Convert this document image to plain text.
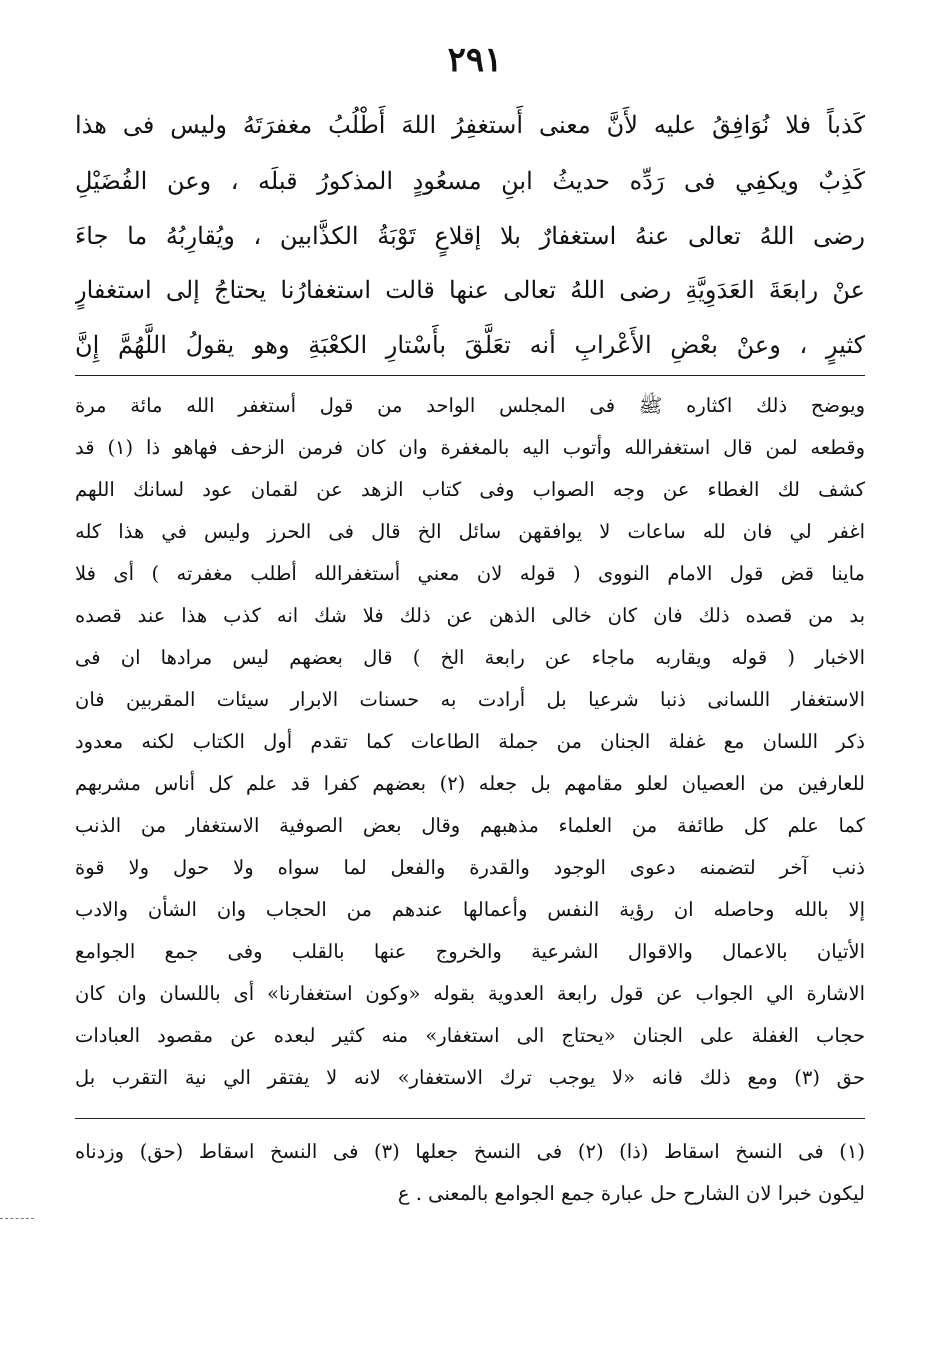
٢٩١
كَذباً فلا نُوَافِقُ عليه لأَنَّ معنى أَستغفِرُ اللهَ أَطْلُبُ مغفرَتَهُ وليس فى هذا
كَذِبٌ ويكفِي فى رَدِّه حديثُ ابنِ مسعُودٍ المذكورُ قبلَه ، وعن الفُضَيْلِ
رضى اللهُ تعالى عنهُ استغفارٌ بلا إقلاعٍ تَوْبَةُ الكذَّابين ، ويُقارِبُهُ ما جاءَ
عنْ رابعَةَ العَدَوِيَّةِ رضى اللهُ تعالى عنها قالت استغفارُنا يحتاجُ إلى استغفارٍ
كثيرٍ ، وعنْ بعْضِ الأَعْرابِ أنه تعَلَّقَ بأَسْتارِ الكعْبَةِ وهو يقولُ اللَّهُمَّ إِنَّ
ويوضح ذلك اكثاره ﷺ فى المجلس الواحد من قول أستغفر الله مائة مرة
وقطعه لمن قال استغفرالله وأتوب اليه بالمغفرة وان كان فرمن الزحف فهاهو ذا (١) قد
كشف لك الغطاء عن وجه الصواب وفى كتاب الزهد عن لقمان عود لسانك اللهم
اغفر لي فان لله ساعات لا يوافقهن سائل الخ قال فى الحرز وليس في هذا كله
ماينا قض قول الامام النووى ( قوله لان معني أستغفرالله أطلب مغفرته ) أى فلا
بد من قصده ذلك فان كان خالى الذهن عن ذلك فلا شك انه كذب هذا عند قصده
الاخبار ( قوله ويقاربه ماجاء عن رابعة الخ ) قال بعضهم ليس مرادها ان فى
الاستغفار اللسانى ذنبا شرعيا بل أرادت به حسنات الابرار سيئات المقربين فان
ذكر اللسان مع غفلة الجنان من جملة الطاعات كما تقدم أول الكتاب لكنه معدود
للعارفين من العصيان لعلو مقامهم بل جعله (٢) بعضهم كفرا قد علم كل أناس مشربهم
كما علم كل طائفة من العلماء مذهبهم وقال بعض الصوفية الاستغفار من الذنب
ذنب آخر لتضمنه دعوى الوجود والقدرة والفعل لما سواه ولا حول ولا قوة
إلا بالله وحاصله ان رؤية النفس وأعمالها عندهم من الحجاب وان الشأن والادب
الأتيان بالاعمال والاقوال الشرعية والخروج عنها بالقلب وفى جمع الجوامع
الاشارة الي الجواب عن قول رابعة العدوية بقوله «وكون استغفارنا» أى باللسان وان كان
حجاب الغفلة على الجنان «يحتاج الى استغفار» منه كثير لبعده عن مقصود العبادات
حق (٣) ومع ذلك فانه «لا يوجب ترك الاستغفار» لانه لا يفتقر الي نية التقرب بل
(١) فى النسخ اسقاط (ذا) (٢) فى النسخ جعلها (٣) فى النسخ اسقاط (حق) وزدناه
ليكون خبرا لان الشارح حل عبارة جمع الجوامع بالمعنى . ع
